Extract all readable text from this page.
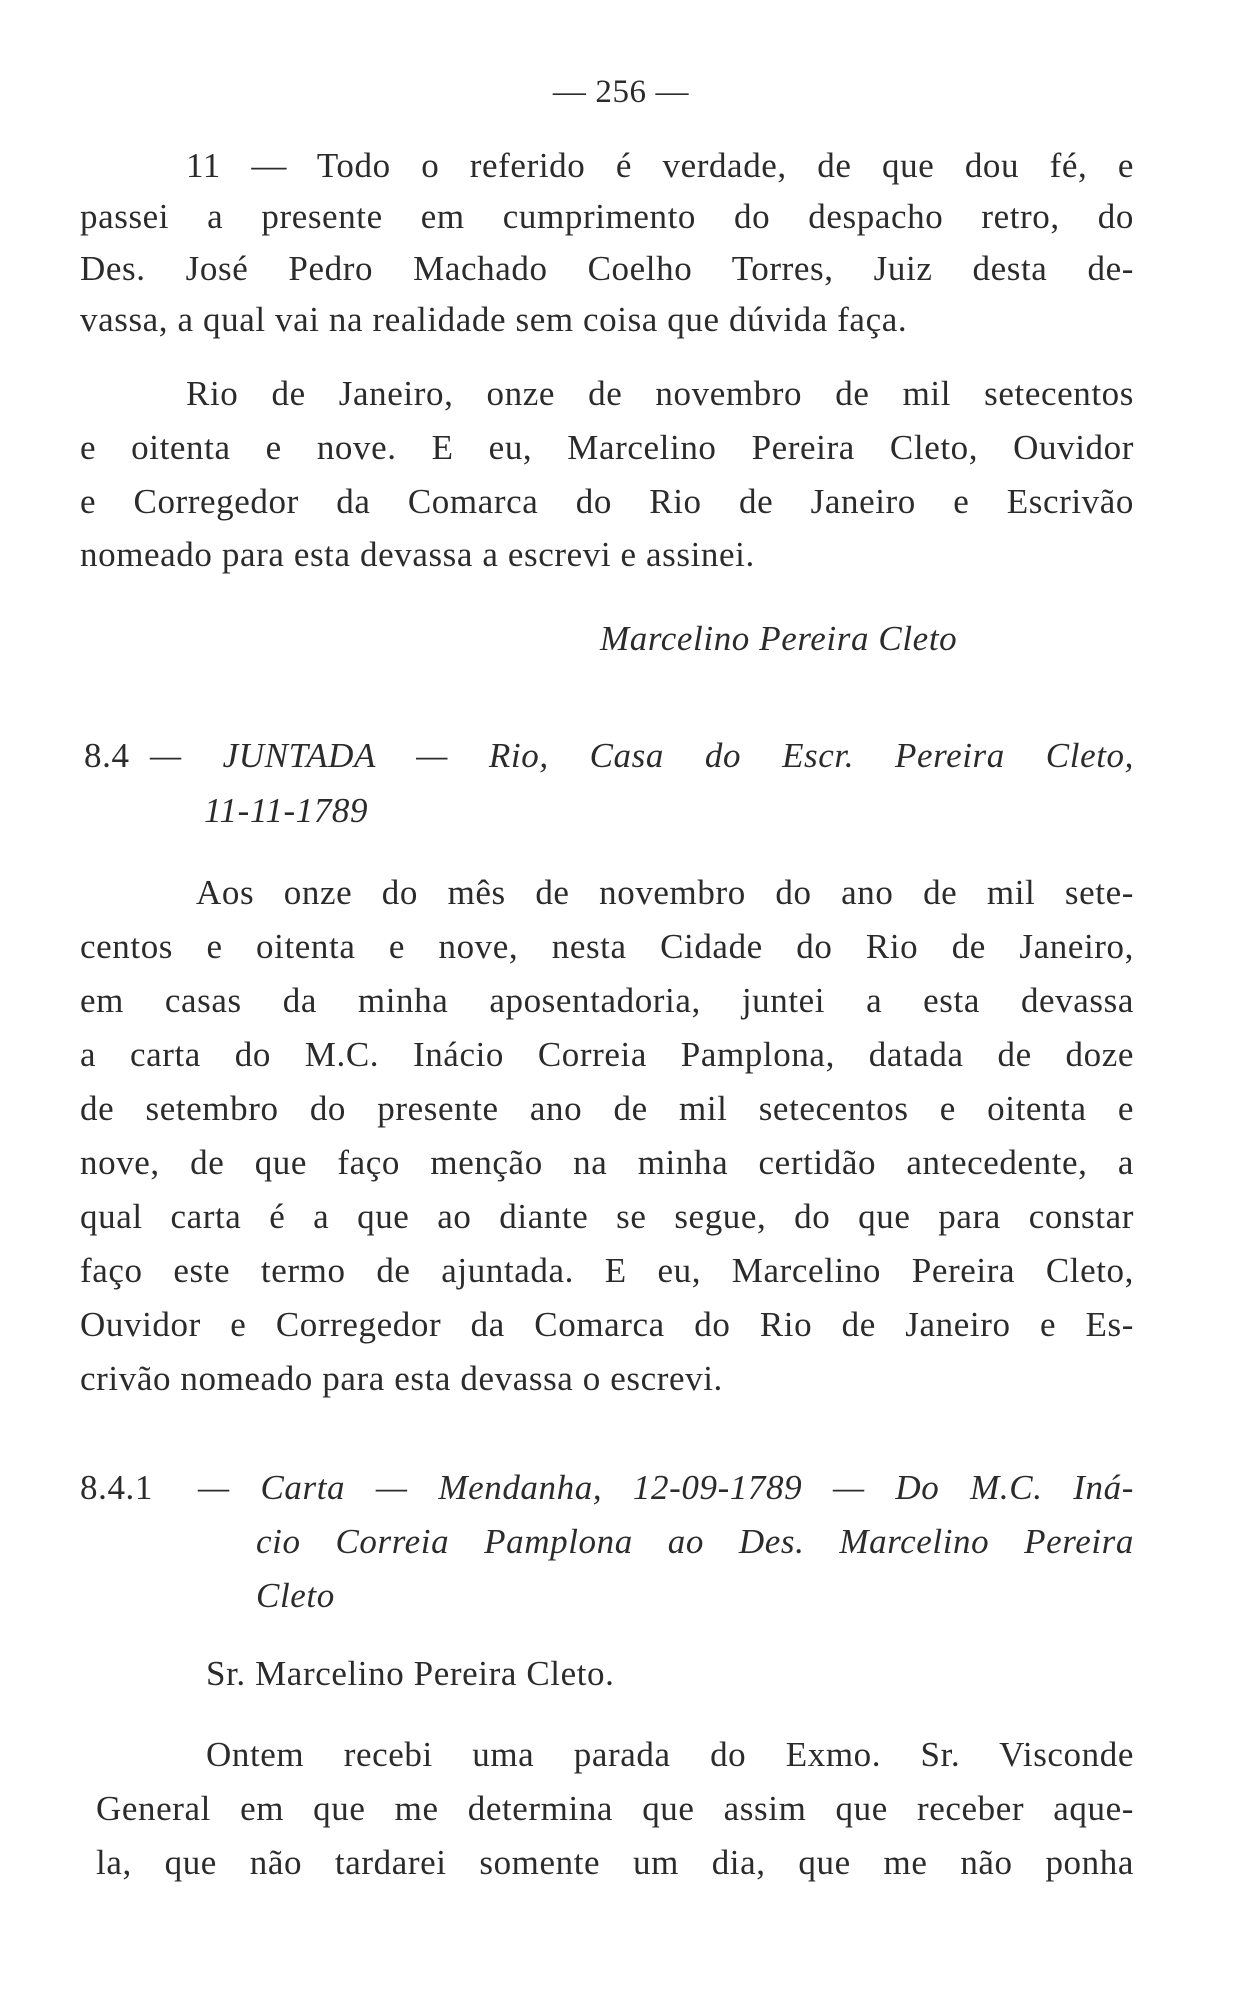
— 256 —
11 — Todo o referido é verdade, de que dou fé, e
passei a presente em cumprimento do despacho retro, do
Des. José Pedro Machado Coelho Torres, Juiz desta de-
vassa, a qual vai na realidade sem coisa que dúvida faça.
Rio de Janeiro, onze de novembro de mil setecentos
e oitenta e nove. E eu, Marcelino Pereira Cleto, Ouvidor
e Corregedor da Comarca do Rio de Janeiro e Escrivão
nomeado para esta devassa a escrevi e assinei.
Marcelino Pereira Cleto
8.4 — JUNTADA — Rio, Casa do Escr. Pereira Cleto,
11-11-1789
Aos onze do mês de novembro do ano de mil sete-
centos e oitenta e nove, nesta Cidade do Rio de Janeiro,
em casas da minha aposentadoria, juntei a esta devassa
a carta do M.C. Inácio Correia Pamplona, datada de doze
de setembro do presente ano de mil setecentos e oitenta e
nove, de que faço menção na minha certidão antecedente, a
qual carta é a que ao diante se segue, do que para constar
faço este termo de ajuntada. E eu, Marcelino Pereira Cleto,
Ouvidor e Corregedor da Comarca do Rio de Janeiro e Es-
crivão nomeado para esta devassa o escrevi.
8.4.1 — Carta — Mendanha, 12-09-1789 — Do M.C. Iná-
cio Correia Pamplona ao Des. Marcelino Pereira
Cleto
Sr. Marcelino Pereira Cleto.
Ontem recebi uma parada do Exmo. Sr. Visconde
General em que me determina que assim que receber aque-
la, que não tardarei somente um dia, que me não ponha
